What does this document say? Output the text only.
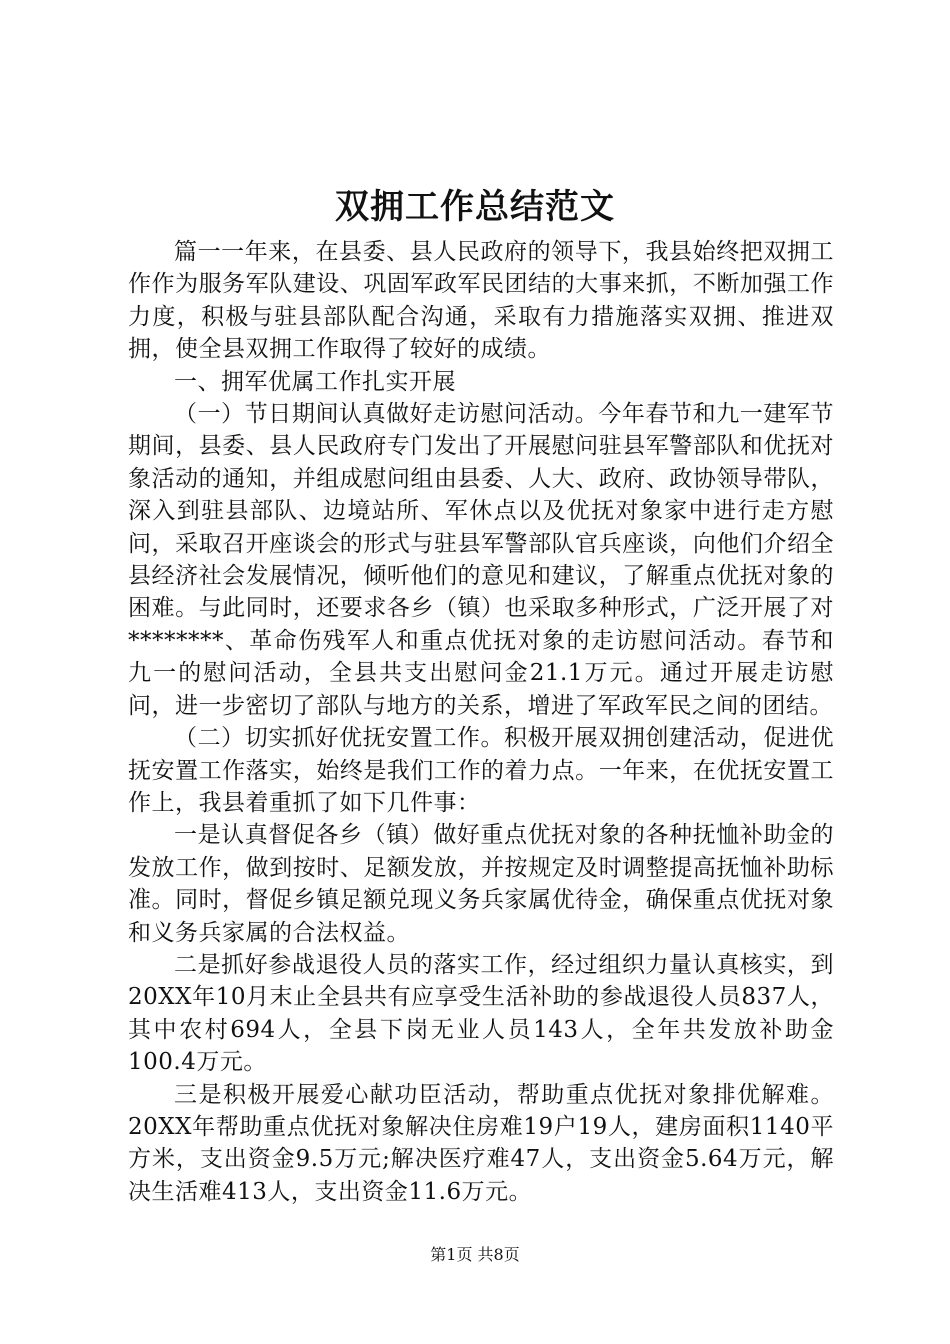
双拥工作总结范文

篇一一年来，在县委、县人民政府的领导下，我县始终把双拥工作作为服务军队建设、巩固军政军民团结的大事来抓，不断加强工作力度，积极与驻县部队配合沟通，采取有力措施落实双拥、推进双拥，使全县双拥工作取得了较好的成绩。

一、拥军优属工作扎实开展

（一）节日期间认真做好走访慰问活动。今年春节和九一建军节期间，县委、县人民政府专门发出了开展慰问驻县军警部队和优抚对象活动的通知，并组成慰问组由县委、人大、政府、政协领导带队，深入到驻县部队、边境站所、军休点以及优抚对象家中进行走方慰问，采取召开座谈会的形式与驻县军警部队官兵座谈，向他们介绍全县经济社会发展情况，倾听他们的意见和建议，了解重点优抚对象的困难。与此同时，还要求各乡（镇）也采取多种形式，广泛开展了对********、革命伤残军人和重点优抚对象的走访慰问活动。春节和九一的慰问活动，全县共支出慰问金21.1万元。通过开展走访慰问，进一步密切了部队与地方的关系，增进了军政军民之间的团结。

（二）切实抓好优抚安置工作。积极开展双拥创建活动，促进优抚安置工作落实，始终是我们工作的着力点。一年来，在优抚安置工作上，我县着重抓了如下几件事：

一是认真督促各乡（镇）做好重点优抚对象的各种抚恤补助金的发放工作，做到按时、足额发放，并按规定及时调整提高抚恤补助标准。同时，督促乡镇足额兑现义务兵家属优待金，确保重点优抚对象和义务兵家属的合法权益。

二是抓好参战退役人员的落实工作，经过组织力量认真核实，到20XX年10月末止全县共有应享受生活补助的参战退役人员837人，其中农村694人，全县下岗无业人员143人，全年共发放补助金100.4万元。

三是积极开展爱心献功臣活动，帮助重点优抚对象排优解难。20XX年帮助重点优抚对象解决住房难19户19人，建房面积1140平方米，支出资金9.5万元;解决医疗难47人，支出资金5.64万元，解决生活难413人，支出资金11.6万元。

第1页 共8页
